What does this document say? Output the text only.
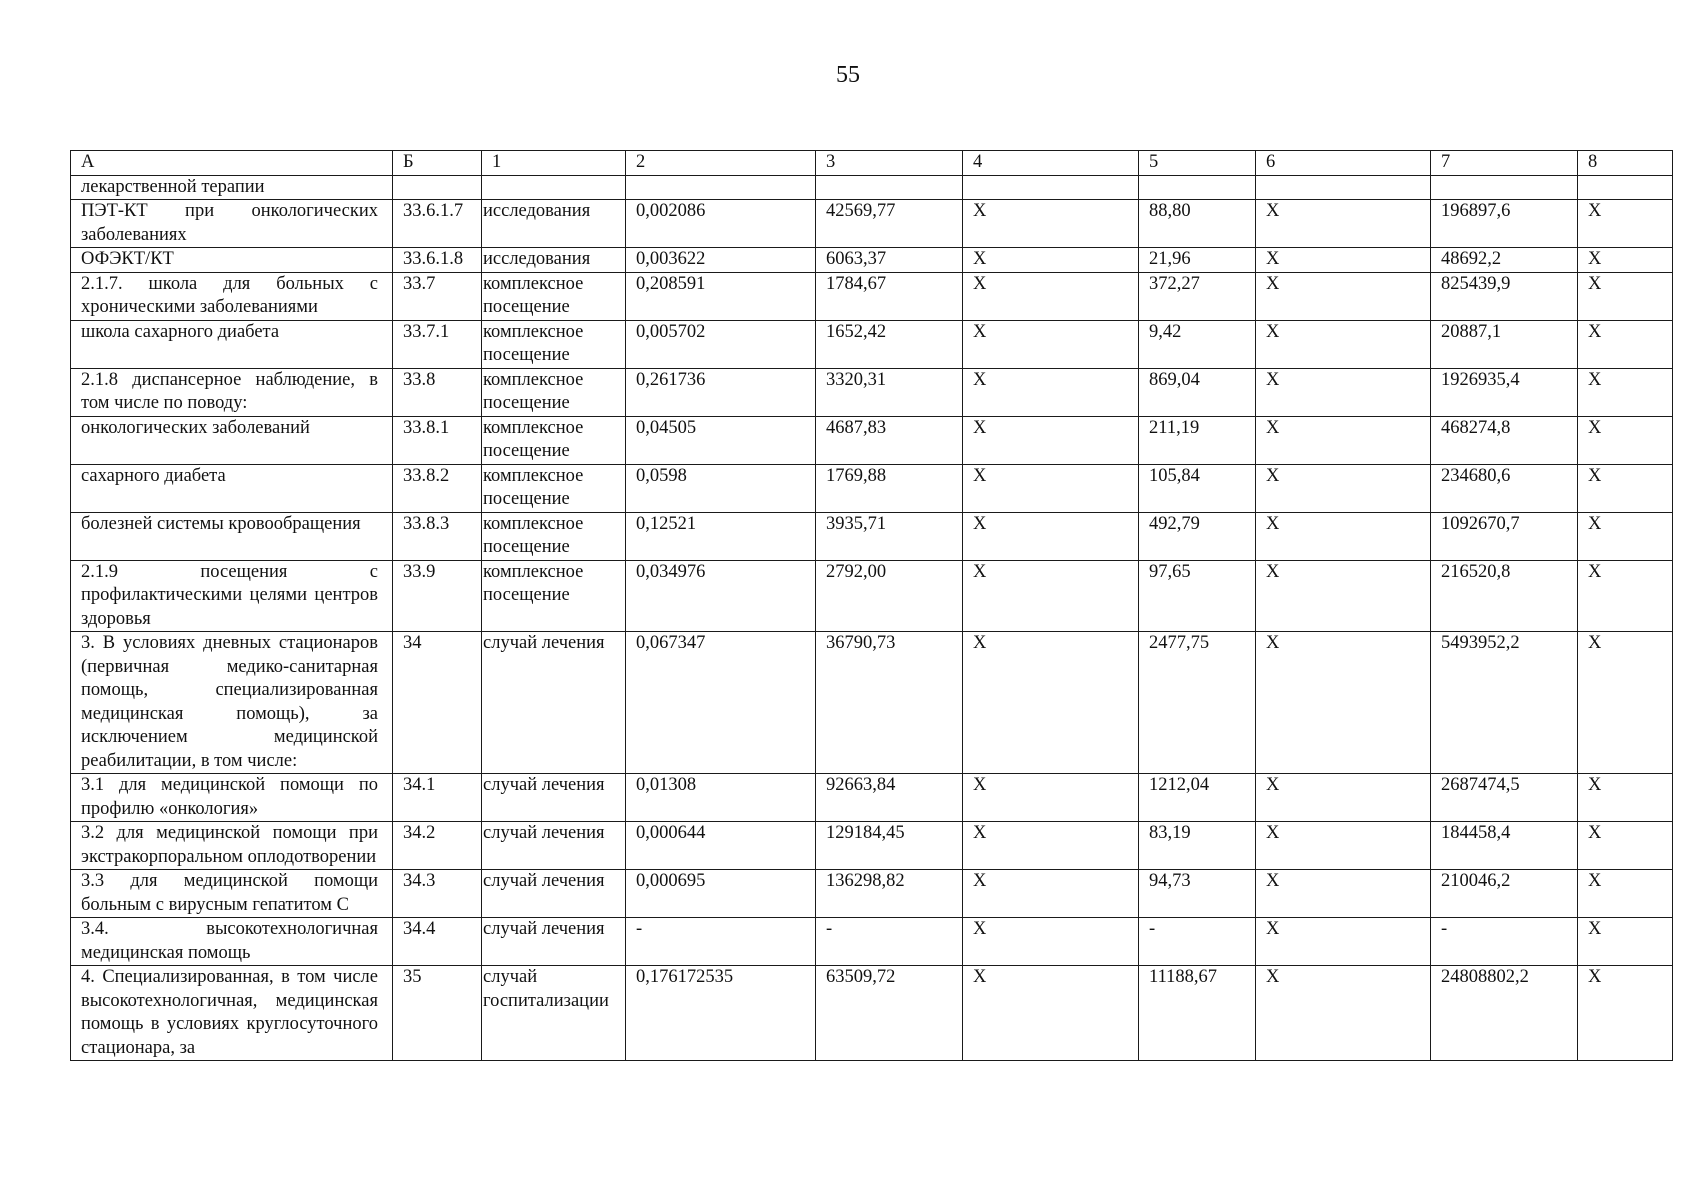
55
А	Б	1	2	3	4	5	6	7	8
лекарственной терапии									
ПЭТ-КТ при онкологических заболеваниях	33.6.1.7	исследования	0,002086	42569,77	X	88,80	X	196897,6	X
ОФЭКТ/КТ	33.6.1.8	исследования	0,003622	6063,37	X	21,96	X	48692,2	X
2.1.7. школа для больных с хроническими заболеваниями	33.7	комплексное посещение	0,208591	1784,67	X	372,27	X	825439,9	X
школа сахарного диабета	33.7.1	комплексное посещение	0,005702	1652,42	X	9,42	X	20887,1	X
2.1.8 диспансерное наблюдение, в том числе по поводу:	33.8	комплексное посещение	0,261736	3320,31	X	869,04	X	1926935,4	X
онкологических заболеваний	33.8.1	комплексное посещение	0,04505	4687,83	X	211,19	X	468274,8	X
сахарного диабета	33.8.2	комплексное посещение	0,0598	1769,88	X	105,84	X	234680,6	X
болезней системы кровообращения	33.8.3	комплексное посещение	0,12521	3935,71	X	492,79	X	1092670,7	X
2.1.9 посещения с профилактическими целями центров здоровья	33.9	комплексное посещение	0,034976	2792,00	X	97,65	X	216520,8	X
3. В условиях дневных стационаров (первичная медико-санитарная помощь, специализированная медицинская помощь), за исключением медицинской реабилитации, в том числе:	34	случай лечения	0,067347	36790,73	X	2477,75	X	5493952,2	X
3.1 для медицинской помощи по профилю «онкология»	34.1	случай лечения	0,01308	92663,84	X	1212,04	X	2687474,5	X
3.2 для медицинской помощи при экстракорпоральном оплодотворении	34.2	случай лечения	0,000644	129184,45	X	83,19	X	184458,4	X
3.3 для медицинской помощи больным с вирусным гепатитом С	34.3	случай лечения	0,000695	136298,82	X	94,73	X	210046,2	X
3.4. высокотехнологичная медицинская помощь	34.4	случай лечения	-	-	X	-	X	-	X
4. Специализированная, в том числе высокотехнологичная, медицинская помощь в условиях круглосуточного стационара, за	35	случай госпитализации	0,176172535	63509,72	X	11188,67	X	24808802,2	X
